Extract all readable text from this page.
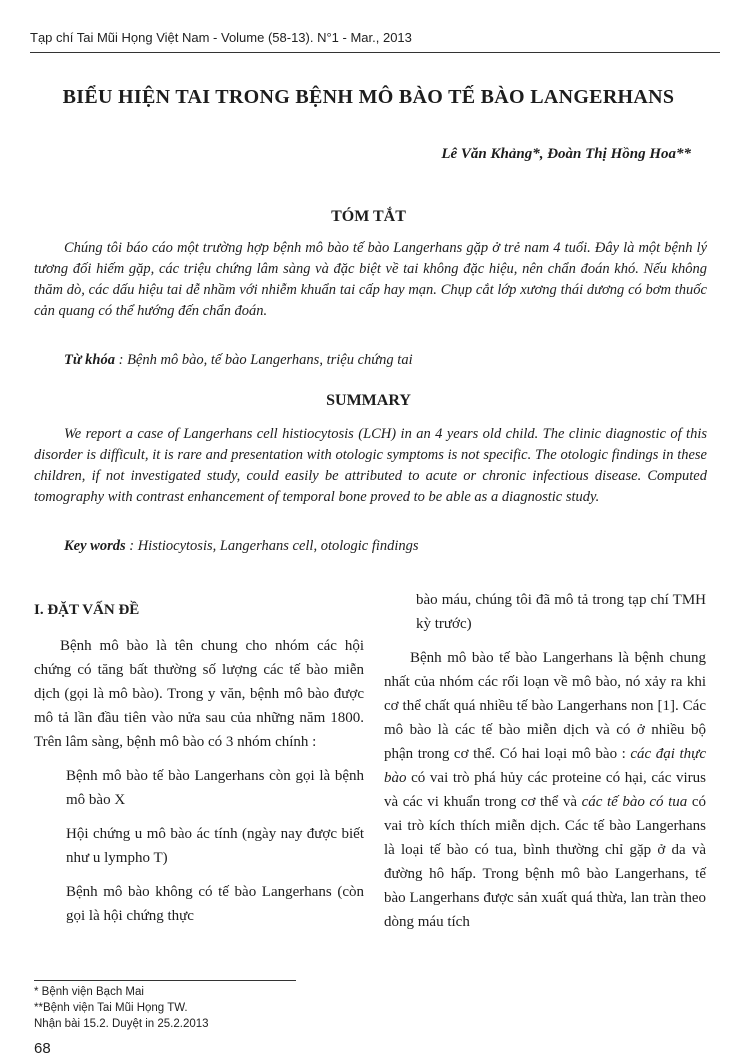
Tạp chí Tai Mũi Họng Việt Nam - Volume (58-13). N°1 - Mar., 2013
BIỂU HIỆN TAI TRONG BỆNH MÔ BÀO TẾ BÀO LANGERHANS
Lê Văn Khảng*, Đoàn Thị Hồng Hoa**
TÓM TẮT

Chúng tôi báo cáo một trường hợp bệnh mô bào tế bào Langerhans gặp ở trẻ nam 4 tuổi. Đây là một bệnh lý tương đối hiếm gặp, các triệu chứng lâm sàng và đặc biệt về tai không đặc hiệu, nên chẩn đoán khó. Nếu không thăm dò, các dấu hiệu tai dễ nhầm với nhiễm khuẩn tai cấp hay mạn. Chụp cắt lớp xương thái dương có bơm thuốc cản quang có thể hướng đến chẩn đoán.

Từ khóa : Bệnh mô bào, tế bào Langerhans, triệu chứng tai

SUMMARY

We report a case of Langerhans cell histiocytosis (LCH) in an 4 years old child. The clinic diagnostic of this disorder is difficult, it is rare and presentation with otologic symptoms is not specific. The otologic findings in these children, if not investigated study, could easily be attributed to acute or chronic infectious disease. Computed tomography with contrast enhancement of temporal bone proved to be able as a diagnostic study.

Key words : Histiocytosis, Langerhans cell, otologic findings

I. ĐẶT VẤN ĐỀ

Bệnh mô bào là tên chung cho nhóm các hội chứng có tăng bất thường số lượng các tế bào miễn dịch (gọi là mô bào). Trong y văn, bệnh mô bào được mô tả lần đầu tiên vào nửa sau của những năm 1800. Trên lâm sàng, bệnh mô bào có 3 nhóm chính :

Bệnh mô bào tế bào Langerhans còn gọi là bệnh mô bào X

Hội chứng u mô bào ác tính (ngày nay được biết như u lympho T)

Bệnh mô bào không có tế bào Langerhans (còn gọi là hội chứng thực

bào máu, chúng tôi đã mô tả trong tạp chí TMH kỳ trước)

Bệnh mô bào tế bào Langerhans là bệnh chung nhất của nhóm các rối loạn về mô bào, nó xảy ra khi cơ thể chất quá nhiều tế bào Langerhans non [1]. Các mô bào là các tế bào miễn dịch và có ở nhiều bộ phận trong cơ thể. Có hai loại mô bào : các đại thực bào có vai trò phá hủy các proteine có hại, các virus và các vi khuẩn trong cơ thể và các tế bào có tua có vai trò kích thích miễn dịch. Các tế bào Langerhans là loại tế bào có tua, bình thường chỉ gặp ở da và đường hô hấp. Trong bệnh mô bào Langerhans, tế bào Langerhans được sản xuất quá thừa, lan tràn theo dòng máu tích

* Bệnh viện Bạch Mai
**Bệnh viện Tai Mũi Họng TW.
Nhận bài 15.2. Duyệt in 25.2.2013
68
